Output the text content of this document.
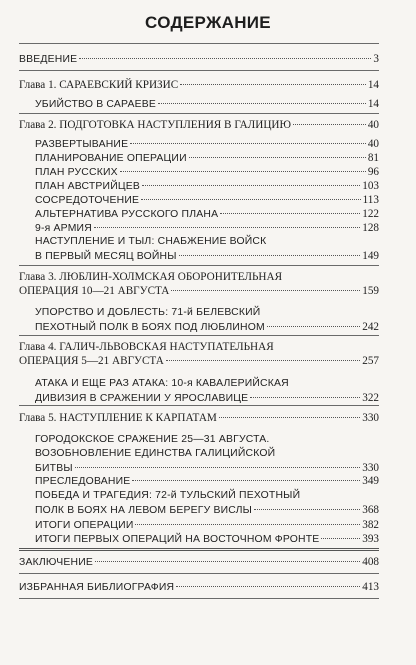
СОДЕРЖАНИЕ
ВВЕДЕНИЕ	3
Глава 1. САРАЕВСКИЙ КРИЗИС	14
УБИЙСТВО В САРАЕВЕ	14
Глава 2. ПОДГОТОВКА НАСТУПЛЕНИЯ В ГАЛИЦИЮ	40
РАЗВЕРТЫВАНИЕ	40
ПЛАНИРОВАНИЕ ОПЕРАЦИИ	81
ПЛАН РУССКИХ	96
ПЛАН АВСТРИЙЦЕВ	103
СОСРЕДОТОЧЕНИЕ	113
АЛЬТЕРНАТИВА РУССКОГО ПЛАНА	122
9-я АРМИЯ	128
НАСТУПЛЕНИЕ И ТЫЛ: СНАБЖЕНИЕ ВОЙСК
В ПЕРВЫЙ МЕСЯЦ ВОЙНЫ	149
Глава 3. ЛЮБЛИН-ХОЛМСКАЯ ОБОРОНИТЕЛЬНАЯ
ОПЕРАЦИЯ 10—21 АВГУСТА	159
УПОРСТВО И ДОБЛЕСТЬ: 71-й БЕЛЕВСКИЙ
ПЕХОТНЫЙ ПОЛК В БОЯХ ПОД ЛЮБЛИНОМ	242
Глава 4. ГАЛИЧ-ЛЬВОВСКАЯ НАСТУПАТЕЛЬНАЯ
ОПЕРАЦИЯ 5—21 АВГУСТА	257
АТАКА И ЕЩЕ РАЗ АТАКА: 10-я КАВАЛЕРИЙСКАЯ
ДИВИЗИЯ В СРАЖЕНИИ У ЯРОСЛАВИЦЕ	322
Глава 5. НАСТУПЛЕНИЕ К КАРПАТАМ	330
ГОРОДОКСКОЕ СРАЖЕНИЕ 25—31 АВГУСТА.
ВОЗОБНОВЛЕНИЕ ЕДИНСТВА ГАЛИЦИЙСКОЙ
БИТВЫ	330
ПРЕСЛЕДОВАНИЕ	349
ПОБЕДА И ТРАГЕДИЯ: 72-й ТУЛЬСКИЙ ПЕХОТНЫЙ
ПОЛК В БОЯХ НА ЛЕВОМ БЕРЕГУ ВИСЛЫ	368
ИТОГИ ОПЕРАЦИИ	382
ИТОГИ ПЕРВЫХ ОПЕРАЦИЙ НА ВОСТОЧНОМ ФРОНТЕ	393
ЗАКЛЮЧЕНИЕ	408
ИЗБРАННАЯ БИБЛИОГРАФИЯ	413
